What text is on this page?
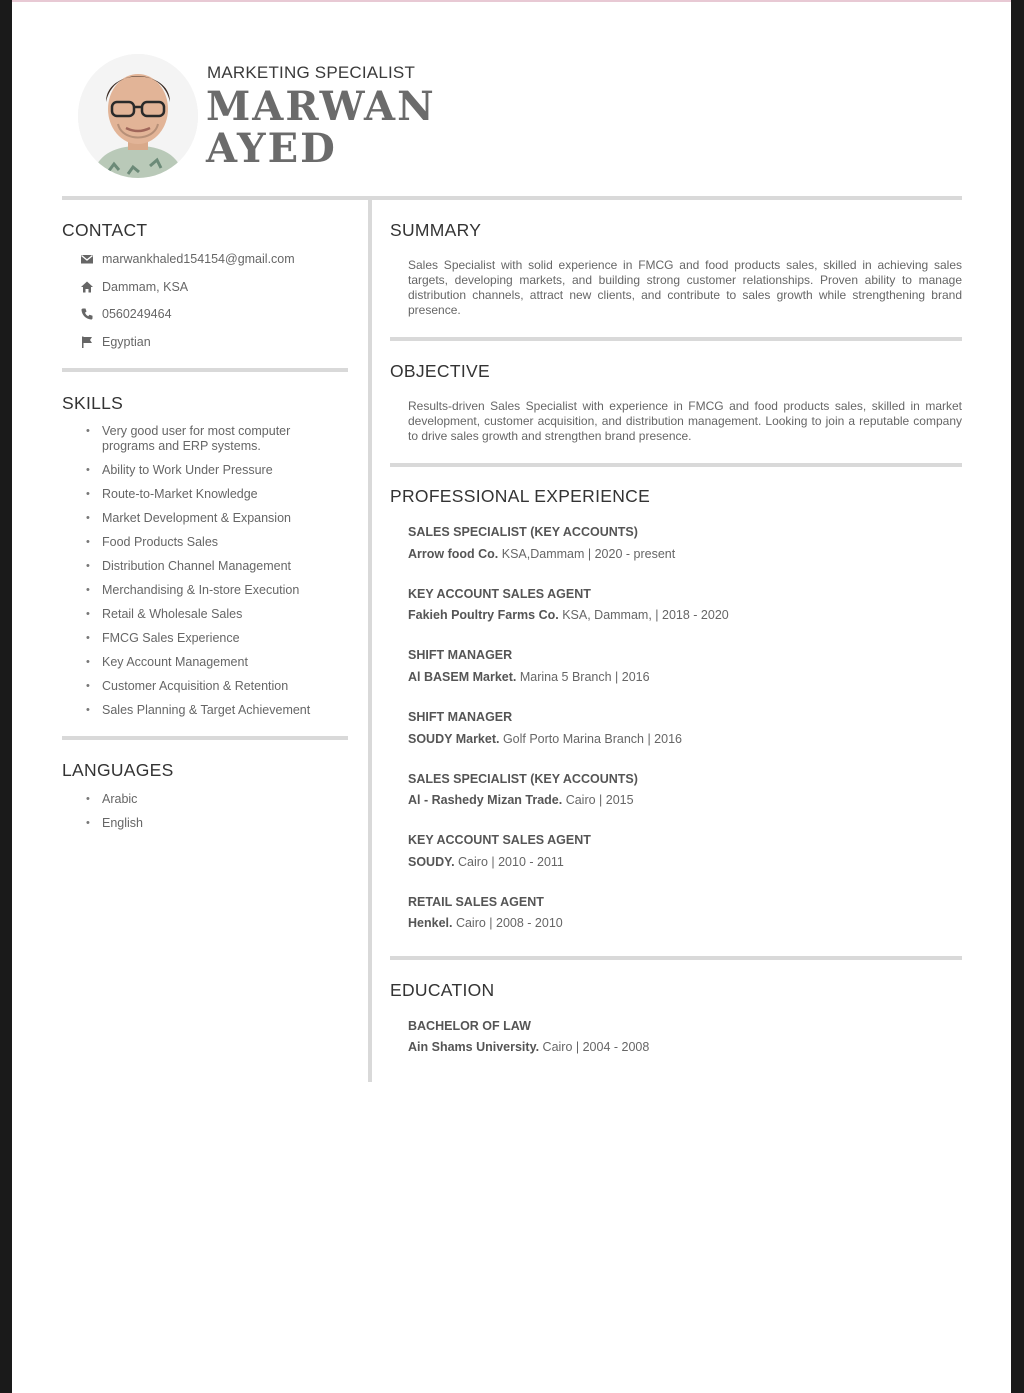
MARKETING SPECIALIST
MARWAN
AYED
CONTACT
marwankhaled154154@gmail.com
Dammam, KSA
0560249464
Egyptian
SKILLS
• Very good user for most computer programs and ERP systems.
• Ability to Work Under Pressure
• Route-to-Market Knowledge
• Market Development & Expansion
• Food Products Sales
• Distribution Channel Management
• Merchandising & In-store Execution
• Retail & Wholesale Sales
• FMCG Sales Experience
• Key Account Management
• Customer Acquisition & Retention
• Sales Planning & Target Achievement
LANGUAGES
• Arabic
• English
SUMMARY
Sales Specialist with solid experience in FMCG and food products sales, skilled in achieving sales targets, developing markets, and building strong customer relationships. Proven ability to manage distribution channels, attract new clients, and contribute to sales growth while strengthening brand presence.
OBJECTIVE
Results-driven Sales Specialist with experience in FMCG and food products sales, skilled in market development, customer acquisition, and distribution management. Looking to join a reputable company to drive sales growth and strengthen brand presence.
PROFESSIONAL EXPERIENCE
SALES SPECIALIST (KEY ACCOUNTS)
Arrow food Co. KSA,Dammam | 2020 - present
KEY ACCOUNT SALES AGENT
Fakieh Poultry Farms Co. KSA, Dammam, | 2018 - 2020
SHIFT MANAGER
Al BASEM Market. Marina 5 Branch | 2016
SHIFT MANAGER
SOUDY Market. Golf Porto Marina Branch | 2016
SALES SPECIALIST (KEY ACCOUNTS)
Al - Rashedy Mizan Trade. Cairo | 2015
KEY ACCOUNT SALES AGENT
SOUDY. Cairo | 2010 - 2011
RETAIL SALES AGENT
Henkel. Cairo | 2008 - 2010
EDUCATION
BACHELOR OF LAW
Ain Shams University. Cairo | 2004 - 2008
